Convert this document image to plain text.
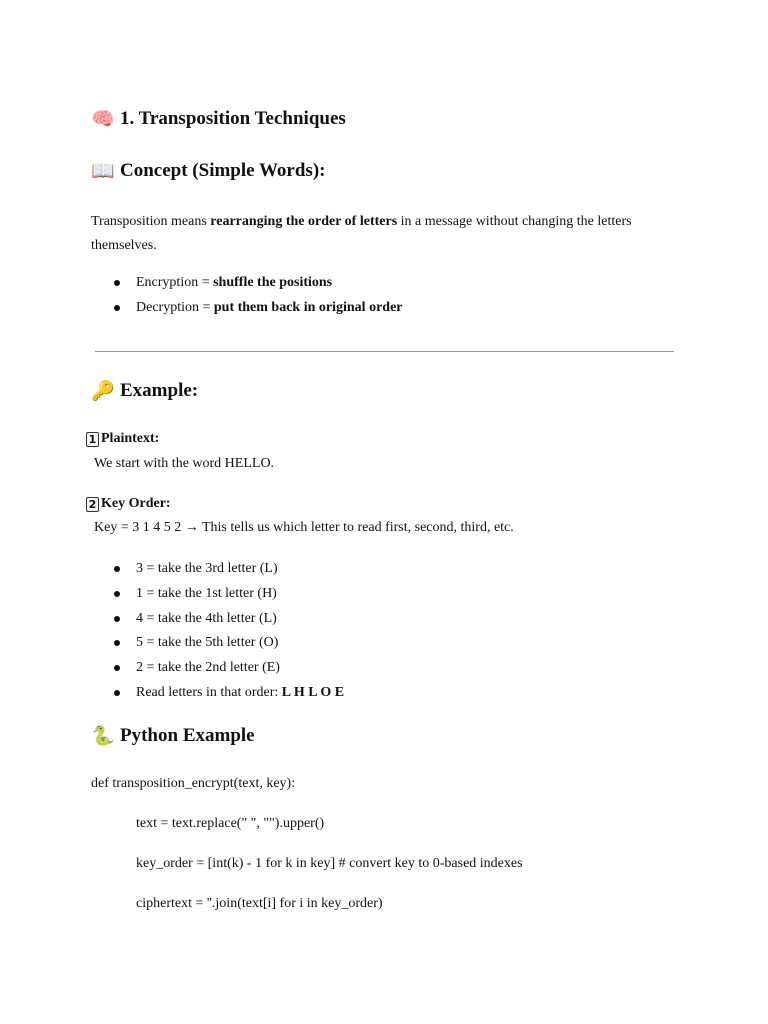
🧠 1. Transposition Techniques
📖 Concept (Simple Words):
Transposition means rearranging the order of letters in a message without changing the letters themselves.
Encryption = shuffle the positions
Decryption = put them back in original order
🔑 Example:
1 Plaintext:
We start with the word HELLO.
2 Key Order:
Key = 3 1 4 5 2 → This tells us which letter to read first, second, third, etc.
3 = take the 3rd letter (L)
1 = take the 1st letter (H)
4 = take the 4th letter (L)
5 = take the 5th letter (O)
2 = take the 2nd letter (E)
Read letters in that order: L H L O E
🐍 Python Example
def transposition_encrypt(text, key):
text = text.replace(" ", "").upper()
key_order = [int(k) - 1 for k in key] # convert key to 0-based indexes
ciphertext = ''.join(text[i] for i in key_order)
